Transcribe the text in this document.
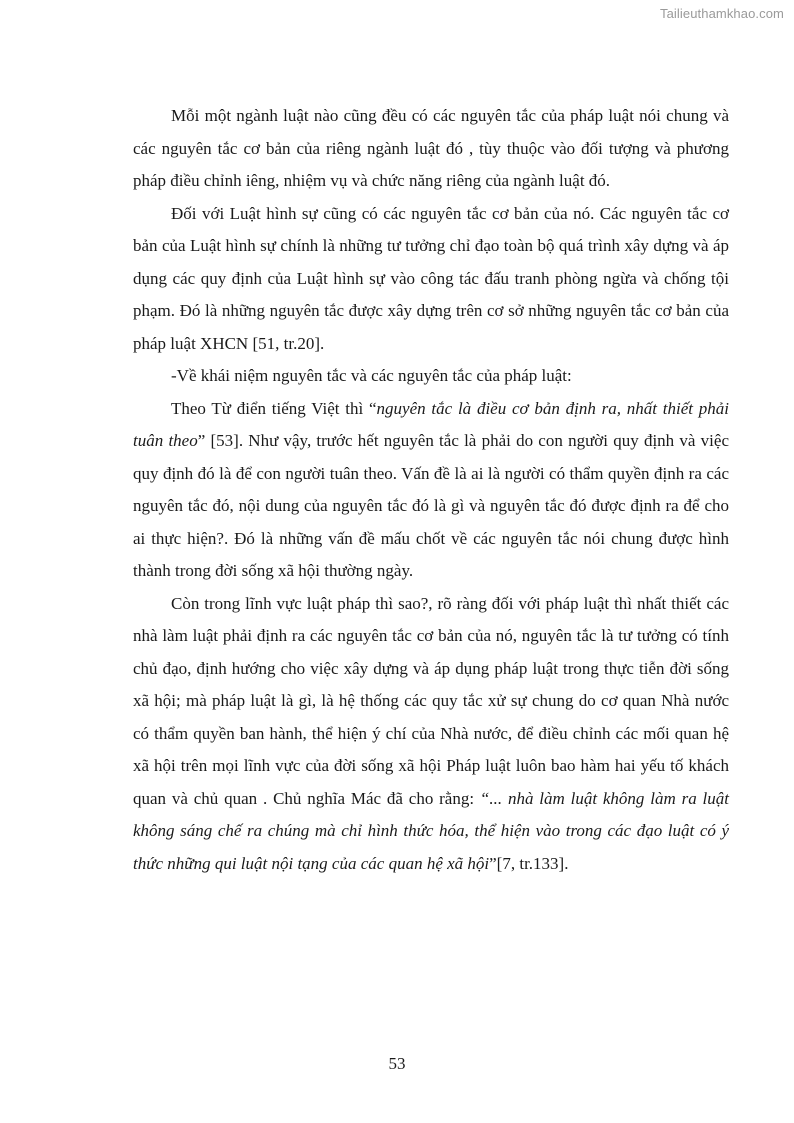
Tailieuthamkhao.com

Mỗi một ngành luật nào cũng đều có các nguyên tắc của pháp luật nói chung và các nguyên tắc cơ bản của riêng ngành luật đó , tùy thuộc vào đối tượng và phương pháp điều chỉnh iêng, nhiệm vụ và chức năng riêng của ngành luật đó.

Đối với Luật hình sự cũng có các nguyên tắc cơ bản của nó. Các nguyên tắc cơ bản của Luật hình sự chính là những tư tưởng chỉ đạo toàn bộ quá trình xây dựng và áp dụng các quy định của Luật hình sự vào công tác đấu tranh phòng ngừa và chống tội phạm. Đó là những nguyên tắc được xây dựng trên cơ sở những nguyên tắc cơ bản của pháp luật XHCN [51, tr.20].

-Về khái niệm nguyên tắc và các nguyên tắc của pháp luật:

Theo Từ điển tiếng Việt thì “nguyên tắc là điều cơ bản định ra, nhất thiết phải tuân theo” [53]. Như vậy, trước hết nguyên tắc là phải do con người quy định và việc quy định đó là để con người tuân theo. Vấn đề là ai là người có thẩm quyền định ra các nguyên tắc đó, nội dung của nguyên tắc đó là gì và nguyên tắc đó được định ra để cho ai thực hiện?. Đó là những vấn đề mấu chốt về các nguyên tắc nói chung được hình thành trong đời sống xã hội thường ngày.

Còn trong lĩnh vực luật pháp thì sao?, rõ ràng đối với pháp luật thì nhất thiết các nhà làm luật phải định ra các nguyên tắc cơ bản của nó, nguyên tắc là tư tưởng có tính chủ đạo, định hướng cho việc xây dựng và áp dụng pháp luật trong thực tiễn đời sống xã hội; mà pháp luật là gì, là hệ thống các quy tắc xử sự chung do cơ quan Nhà nước có thẩm quyền ban hành, thể hiện ý chí của Nhà nước, để điều chỉnh các mối quan hệ xã hội trên mọi lĩnh vực của đời sống xã hội Pháp luật luôn bao hàm hai yếu tố khách quan và chủ quan . Chủ nghĩa Mác đã cho rằng: “... nhà làm luật không làm ra luật không sáng chế ra chúng mà chỉ hình thức hóa, thể hiện vào trong các đạo luật có ý thức những qui luật nội tạng của các quan hệ xã hội”[7, tr.133].

53
